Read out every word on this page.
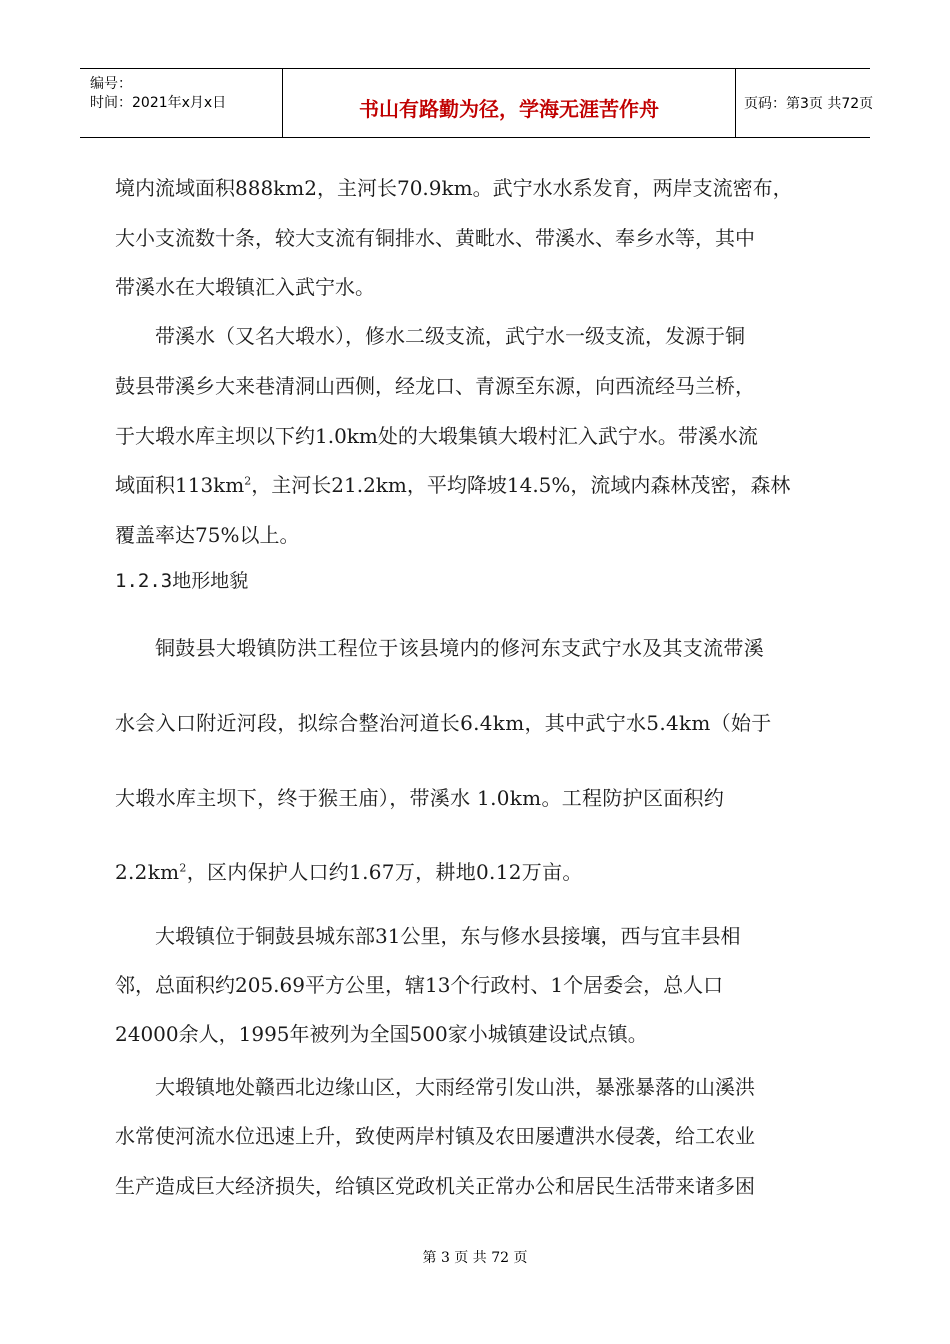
编号：
时间：2021年x月x日	书山有路勤为径，学海无涯苦作舟	页码：第3页 共72页

境内流域面积888km2，主河长70.9km。武宁水水系发育，两岸支流密布，

大小支流数十条，较大支流有铜排水、黄毗水、带溪水、奉乡水等，其中

带溪水在大塅镇汇入武宁水。

带溪水（又名大塅水），修水二级支流，武宁水一级支流，发源于铜

鼓县带溪乡大来巷清洞山西侧，经龙口、青源至东源，向西流经马兰桥，

于大塅水库主坝以下约1.0km处的大塅集镇大塅村汇入武宁水。带溪水流

域面积$113km^2$，主河长21.2km，平均降坡14.5%，流域内森林茂密，森林

覆盖率达75%以上。

1.2.3地形地貌

铜鼓县大塅镇防洪工程位于该县境内的修河东支武宁水及其支流带溪

水会入口附近河段，拟综合整治河道长6.4km，其中武宁水5.4km（始于

大塅水库主坝下，终于猴王庙），带溪水 1.0km。工程防护区面积约

$2.2km^2$，区内保护人口约1.67万，耕地0.12万亩。

大塅镇位于铜鼓县城东部31公里，东与修水县接壤，西与宜丰县相

邻，总面积约205.69平方公里，辖13个行政村、1个居委会，总人口

24000余人，1995年被列为全国500家小城镇建设试点镇。

大塅镇地处赣西北边缘山区，大雨经常引发山洪，暴涨暴落的山溪洪

水常使河流水位迅速上升，致使两岸村镇及农田屡遭洪水侵袭，给工农业

生产造成巨大经济损失，给镇区党政机关正常办公和居民生活带来诸多困

第 3 页 共 72 页
